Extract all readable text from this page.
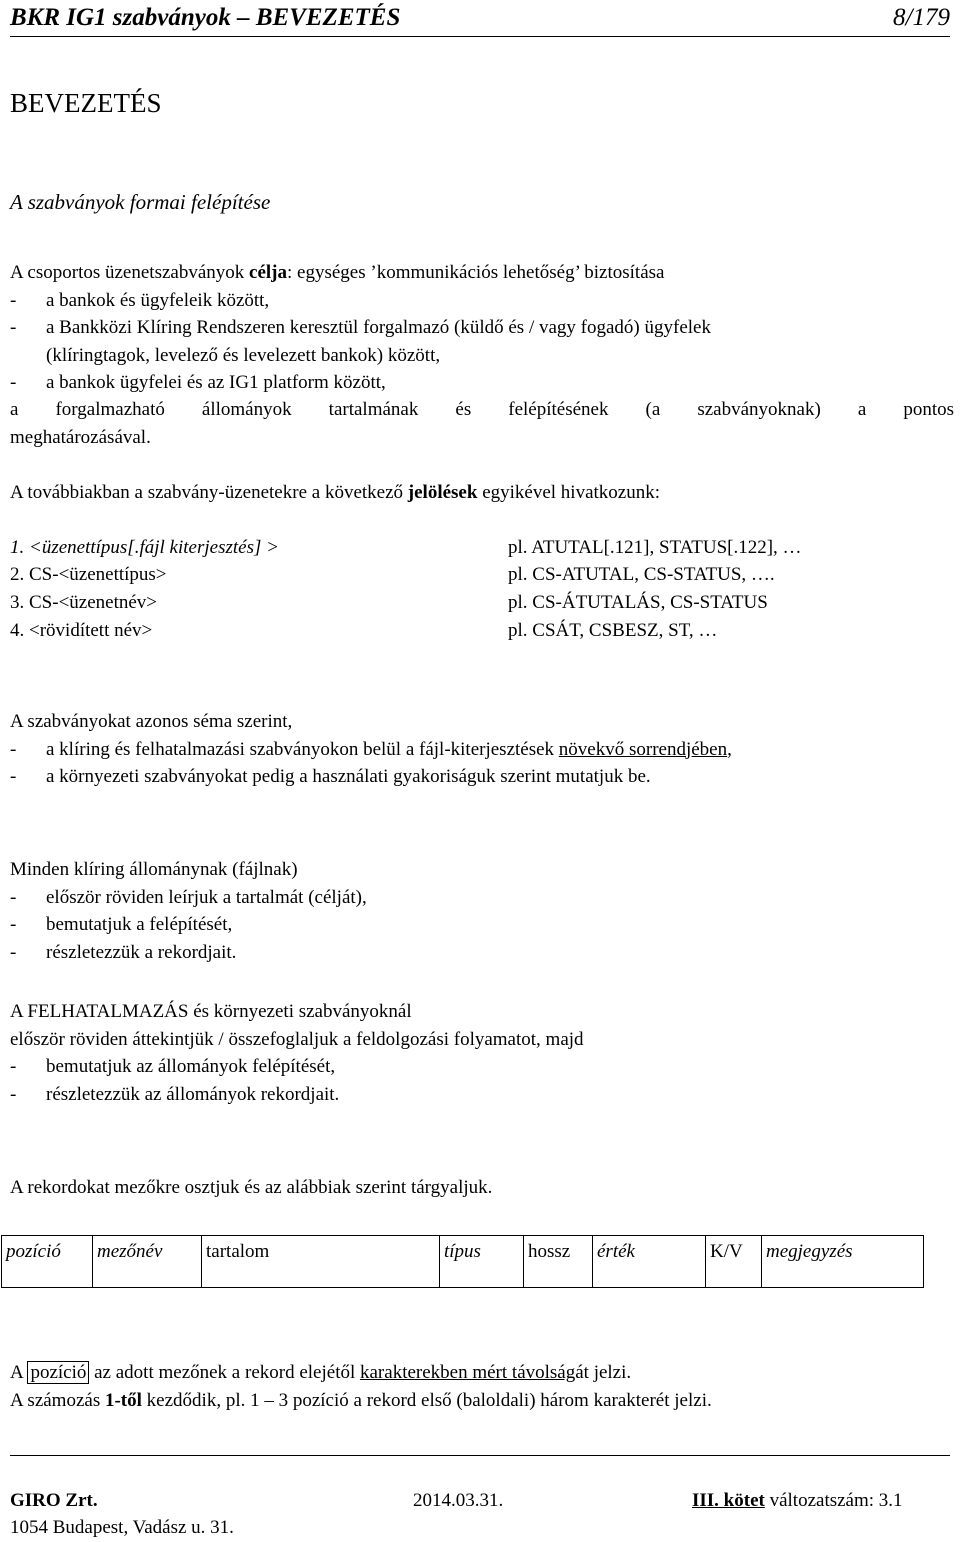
BKR IG1 szabványok – BEVEZETÉS	8/179
BEVEZETÉS
A szabványok formai felépítése
A csoportos üzenetszabványok célja: egységes ’kommunikációs lehetőség’ biztosítása
- a bankok és ügyfeleik között,
- a Bankközi Klíring Rendszeren keresztül forgalmazó (küldő és / vagy fogadó) ügyfelek
(klíringtagok, levelező és levelezett bankok) között,
- a bankok ügyfelei és az IG1 platform között,
a forgalmazható állományok tartalmának és felépítésének (a szabványoknak) a pontos
meghatározásával.
A továbbiakban a szabvány-üzenetekre a következő jelölések egyikével hivatkozunk:
1. <üzenettípus[.fájl kiterjesztés] >	pl. ATUTAL[.121], STATUS[.122], …
2. CS-<üzenettípus>	pl. CS-ATUTAL, CS-STATUS, ….
3. CS-<üzenetnév>	pl. CS-ÁTUTALÁS, CS-STATUS
4. <rövidített név>	pl. CSÁT, CSBESZ, ST, …
A szabványokat azonos séma szerint,
- a klíring és felhatalmazási szabványokon belül a fájl-kiterjesztések növekvő sorrendjében,
- a környezeti szabványokat pedig a használati gyakoriságuk szerint mutatjuk be.
Minden klíring állománynak (fájlnak)
- először röviden leírjuk a tartalmát (célját),
- bemutatjuk a felépítését,
- részletezzük a rekordjait.
A FELHATALMAZÁS és környezeti szabványoknál
először röviden áttekintjük / összefoglaljuk a feldolgozási folyamatot, majd
- bemutatjuk az állományok felépítését,
- részletezzük az állományok rekordjait.
A rekordokat mezőkre osztjuk és az alábbiak szerint tárgyaljuk.
pozíció	mezőnév	tartalom	típus	hossz	érték	K/V	megjegyzés
A pozíció az adott mezőnek a rekord elejétől karakterekben mért távolságát jelzi.
A számozás 1-től kezdődik, pl. 1 – 3 pozíció a rekord első (baloldali) három karakterét jelzi.
GIRO Zrt.
1054 Budapest, Vadász u. 31.
2014.03.31.	III. kötet változatszám: 3.1
